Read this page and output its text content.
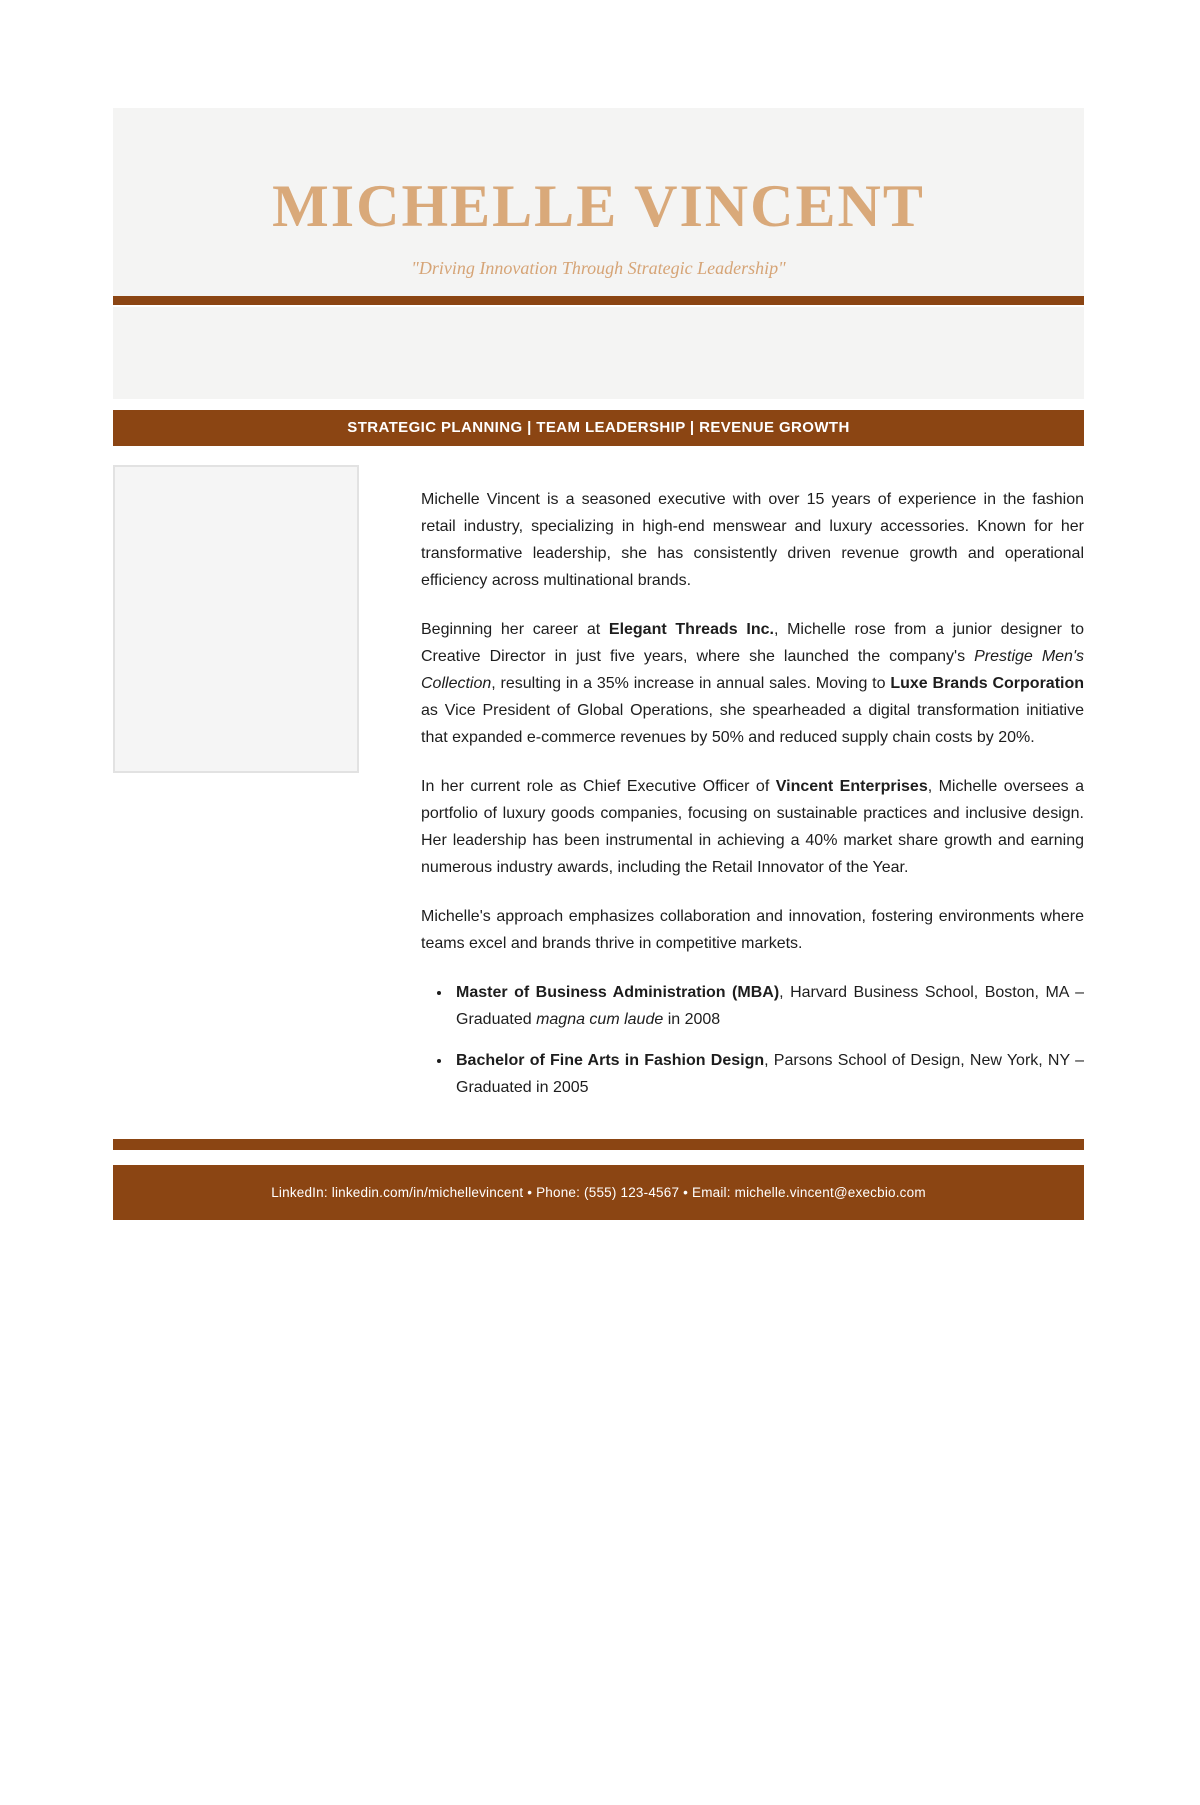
MICHELLE VINCENT
"Driving Innovation Through Strategic Leadership"
STRATEGIC PLANNING | TEAM LEADERSHIP | REVENUE GROWTH

Michelle Vincent is a seasoned executive with over 15 years of experience in the fashion retail industry, specializing in high-end menswear and luxury accessories. Known for her transformative leadership, she has consistently driven revenue growth and operational efficiency across multinational brands.

Beginning her career at Elegant Threads Inc., Michelle rose from a junior designer to Creative Director in just five years, where she launched the company's Prestige Men's Collection, resulting in a 35% increase in annual sales. Moving to Luxe Brands Corporation as Vice President of Global Operations, she spearheaded a digital transformation initiative that expanded e-commerce revenues by 50% and reduced supply chain costs by 20%.

In her current role as Chief Executive Officer of Vincent Enterprises, Michelle oversees a portfolio of luxury goods companies, focusing on sustainable practices and inclusive design. Her leadership has been instrumental in achieving a 40% market share growth and earning numerous industry awards, including the Retail Innovator of the Year.

Michelle's approach emphasizes collaboration and innovation, fostering environments where teams excel and brands thrive in competitive markets.

• Master of Business Administration (MBA), Harvard Business School, Boston, MA – Graduated magna cum laude in 2008
• Bachelor of Fine Arts in Fashion Design, Parsons School of Design, New York, NY – Graduated in 2005
LinkedIn: linkedin.com/in/michellevincent • Phone: (555) 123-4567 • Email: michelle.vincent@execbio.com
